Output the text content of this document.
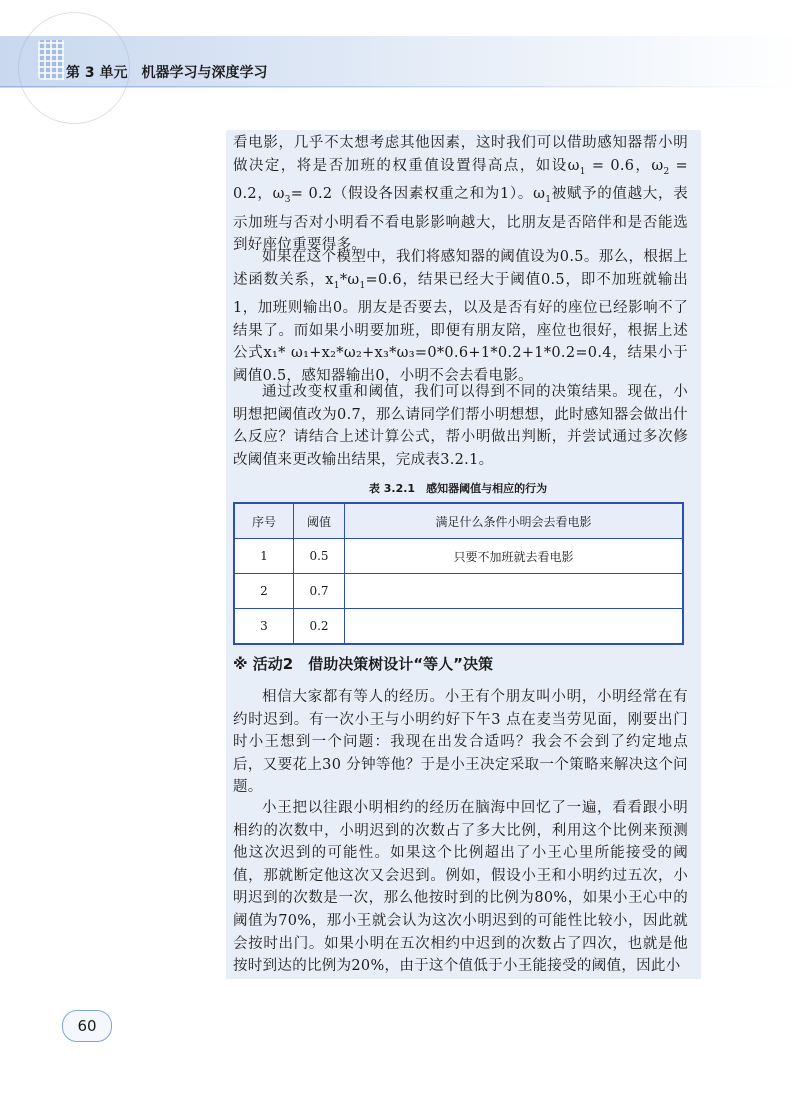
第 3 单元　机器学习与深度学习
看电影，几乎不太想考虑其他因素，这时我们可以借助感知器帮小明做决定，将是否加班的权重值设置得高点，如设$\omega_1 = 0.6$，$\omega_2 = 0.2$，$\omega_3= 0.2$（假设各因素权重之和为1）。$\omega_1$被赋予的值越大，表示加班与否对小明看不看电影影响越大，比朋友是否陪伴和是否能选到好座位重要得多。
如果在这个模型中，我们将感知器的阈值设为0.5。那么，根据上述函数关系，$x_1*\omega_1=0.6$，结果已经大于阈值0.5，即不加班就输出1，加班则输出0。朋友是否要去，以及是否有好的座位已经影响不了结果了。而如果小明要加班，即便有朋友陪，座位也很好，根据上述公式x₁* ω₁+x₂*ω₂+x₃*ω₃=0*0.6+1*0.2+1*0.2=0.4，结果小于阈值0.5，感知器输出0，小明不会去看电影。
通过改变权重和阈值，我们可以得到不同的决策结果。现在，小明想把阈值改为0.7，那么请同学们帮小明想想，此时感知器会做出什么反应？请结合上述计算公式，帮小明做出判断，并尝试通过多次修改阈值来更改输出结果，完成表3.2.1。
表 3.2.1　感知器阈值与相应的行为
序号	阈值	满足什么条件小明会去看电影
1	0.5	只要不加班就去看电影
2	0.7	
3	0.2	
※ 活动2　借助决策树设计“等人”决策
相信大家都有等人的经历。小王有个朋友叫小明，小明经常在有约时迟到。有一次小王与小明约好下午3 点在麦当劳见面，刚要出门时小王想到一个问题：我现在出发合适吗？我会不会到了约定地点后，又要花上30 分钟等他？于是小王决定采取一个策略来解决这个问题。
小王把以往跟小明相约的经历在脑海中回忆了一遍，看看跟小明相约的次数中，小明迟到的次数占了多大比例，利用这个比例来预测他这次迟到的可能性。如果这个比例超出了小王心里所能接受的阈值，那就断定他这次又会迟到。例如，假设小王和小明约过五次，小明迟到的次数是一次，那么他按时到的比例为80%，如果小王心中的阈值为70%，那小王就会认为这次小明迟到的可能性比较小，因此就会按时出门。如果小明在五次相约中迟到的次数占了四次，也就是他按时到达的比例为20%，由于这个值低于小王能接受的阈值，因此小
60
